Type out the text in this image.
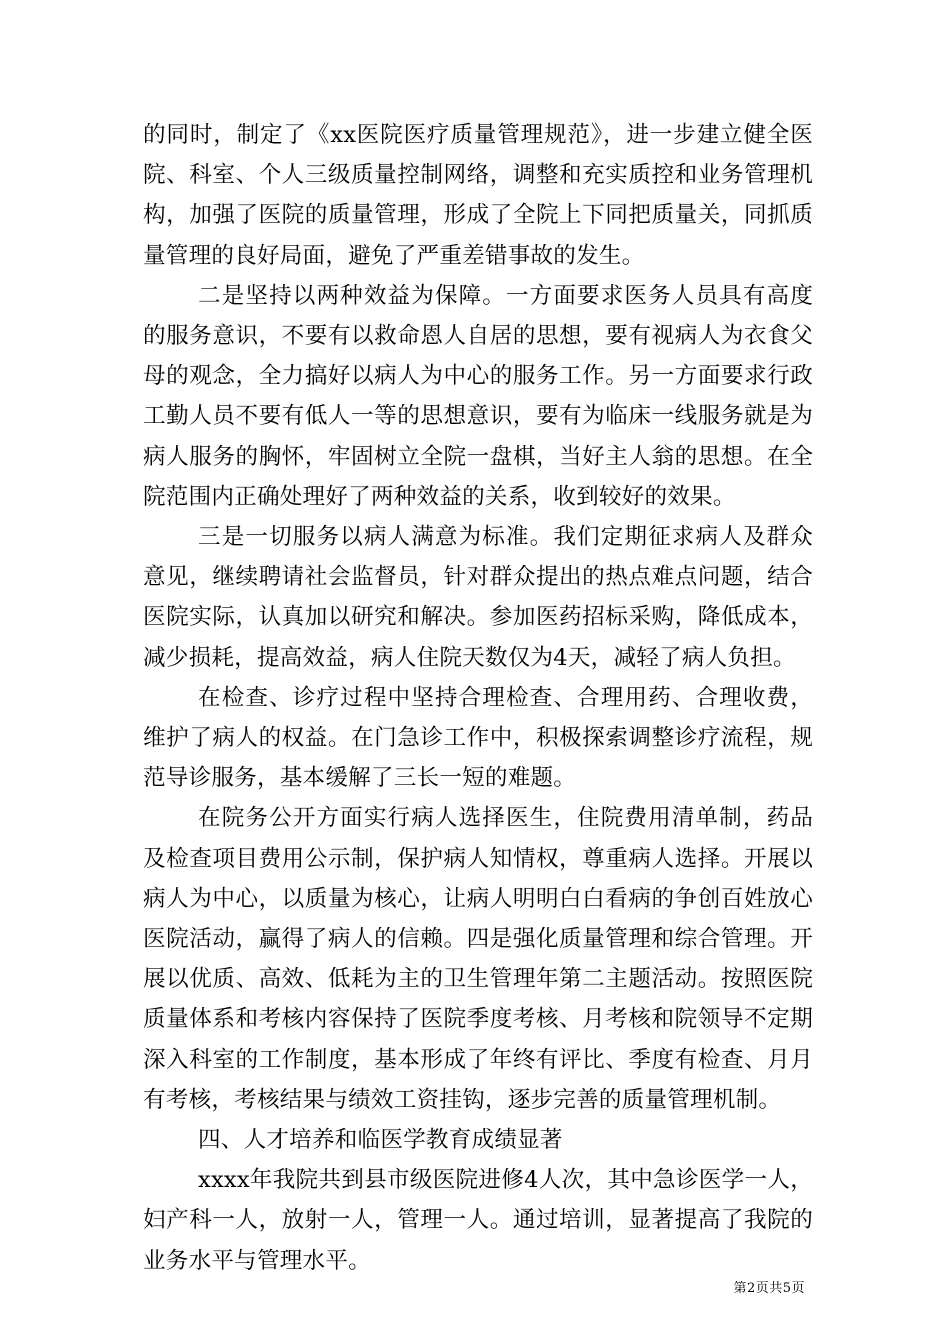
的同时，制定了《xx医院医疗质量管理规范》，进一步建立健全医院、科室、个人三级质量控制网络，调整和充实质控和业务管理机构，加强了医院的质量管理，形成了全院上下同把质量关，同抓质量管理的良好局面，避免了严重差错事故的发生。

二是坚持以两种效益为保障。一方面要求医务人员具有高度的服务意识，不要有以救命恩人自居的思想，要有视病人为衣食父母的观念，全力搞好以病人为中心的服务工作。另一方面要求行政工勤人员不要有低人一等的思想意识，要有为临床一线服务就是为病人服务的胸怀，牢固树立全院一盘棋，当好主人翁的思想。在全院范围内正确处理好了两种效益的关系，收到较好的效果。

三是一切服务以病人满意为标准。我们定期征求病人及群众意见，继续聘请社会监督员，针对群众提出的热点难点问题，结合医院实际，认真加以研究和解决。参加医药招标采购，降低成本，减少损耗，提高效益，病人住院天数仅为4天，减轻了病人负担。

在检查、诊疗过程中坚持合理检查、合理用药、合理收费，维护了病人的权益。在门急诊工作中，积极探索调整诊疗流程，规范导诊服务，基本缓解了三长一短的难题。

在院务公开方面实行病人选择医生，住院费用清单制，药品及检查项目费用公示制，保护病人知情权，尊重病人选择。开展以病人为中心，以质量为核心，让病人明明白白看病的争创百姓放心医院活动，赢得了病人的信赖。四是强化质量管理和综合管理。开展以优质、高效、低耗为主的卫生管理年第二主题活动。按照医院质量体系和考核内容保持了医院季度考核、月考核和院领导不定期深入科室的工作制度，基本形成了年终有评比、季度有检查、月月有考核，考核结果与绩效工资挂钩，逐步完善的质量管理机制。

四、人才培养和临医学教育成绩显著

xxxx年我院共到县市级医院进修4人次，其中急诊医学一人，妇产科一人，放射一人，管理一人。通过培训，显著提高了我院的业务水平与管理水平。

第2页共5页
